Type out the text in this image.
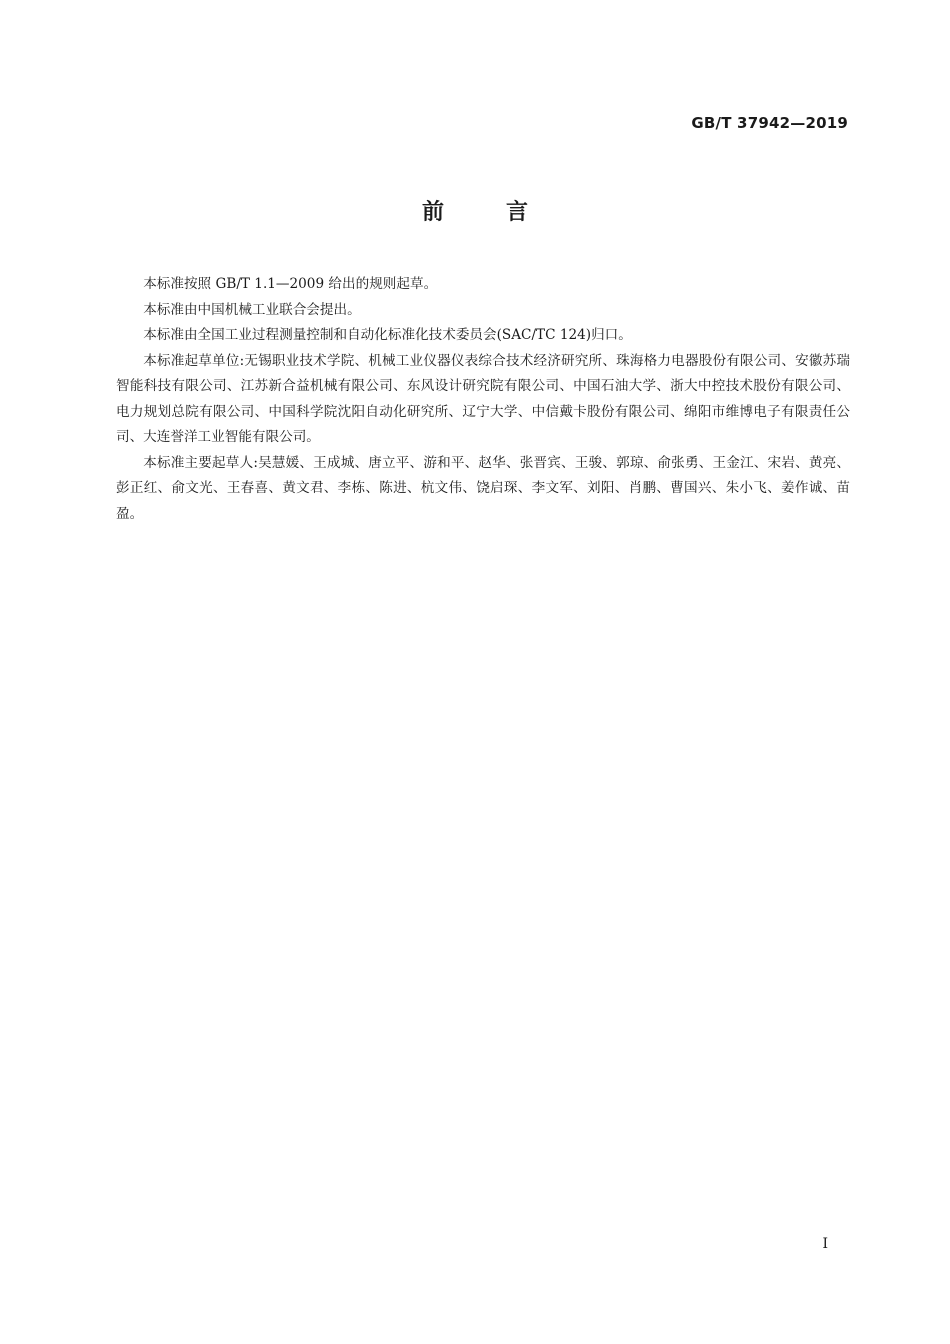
GB/T 37942—2019
前言

本标准按照 GB/T 1.1—2009 给出的规则起草。

本标准由中国机械工业联合会提出。

本标准由全国工业过程测量控制和自动化标准化技术委员会(SAC/TC 124)归口。

本标准起草单位:无锡职业技术学院、机械工业仪器仪表综合技术经济研究所、珠海格力电器股份有限公司、安徽苏瑞智能科技有限公司、江苏新合益机械有限公司、东风设计研究院有限公司、中国石油大学、浙大中控技术股份有限公司、电力规划总院有限公司、中国科学院沈阳自动化研究所、辽宁大学、中信戴卡股份有限公司、绵阳市维博电子有限责任公司、大连誉洋工业智能有限公司。

本标准主要起草人:吴慧媛、王成城、唐立平、游和平、赵华、张晋宾、王骏、郭琼、俞张勇、王金江、宋岩、黄亮、彭正红、俞文光、王春喜、黄文君、李栋、陈进、杭文伟、饶启琛、李文军、刘阳、肖鹏、曹国兴、朱小飞、姜作诚、苗盈。

I
